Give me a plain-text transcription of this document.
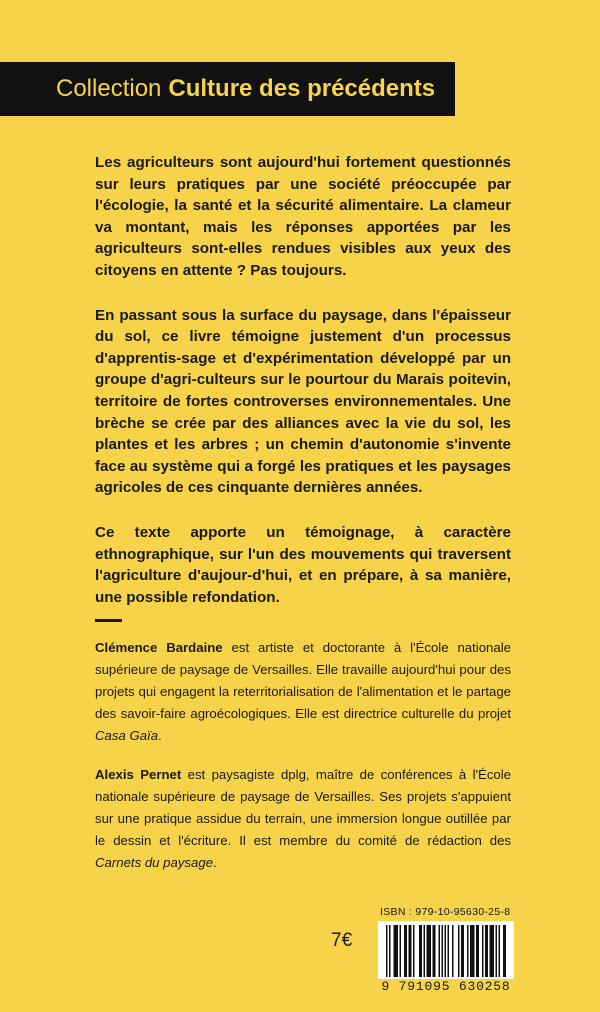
Collection Culture des précédents

Les agriculteurs sont aujourd'hui fortement questionnés sur leurs pratiques par une société préoccupée par l'écologie, la santé et la sécurité alimentaire. La clameur va montant, mais les réponses apportées par les agriculteurs sont-elles rendues visibles aux yeux des citoyens en attente ? Pas toujours.

En passant sous la surface du paysage, dans l'épaisseur du sol, ce livre témoigne justement d'un processus d'apprentis-sage et d'expérimentation développé par un groupe d'agri-culteurs sur le pourtour du Marais poitevin, territoire de fortes controverses environnementales. Une brèche se crée par des alliances avec la vie du sol, les plantes et les arbres ; un chemin d'autonomie s'invente face au système qui a forgé les pratiques et les paysages agricoles de ces cinquante dernières années.

Ce texte apporte un témoignage, à caractère ethnographique, sur l'un des mouvements qui traversent l'agriculture d'aujour-d'hui, et en prépare, à sa manière, une possible refondation.

Clémence Bardaine est artiste et doctorante à l'École nationale supérieure de paysage de Versailles. Elle travaille aujourd'hui pour des projets qui engagent la reterritorialisation de l'alimentation et le partage des savoir-faire agroécologiques. Elle est directrice culturelle du projet Casa Gaïa.

Alexis Pernet est paysagiste dplg, maître de conférences à l'École nationale supérieure de paysage de Versailles. Ses projets s'appuient sur une pratique assidue du terrain, une immersion longue outillée par le dessin et l'écriture. Il est membre du comité de rédaction des Carnets du paysage.

ISBN : 979-10-95630-25-8
7€
9 791095 630258
